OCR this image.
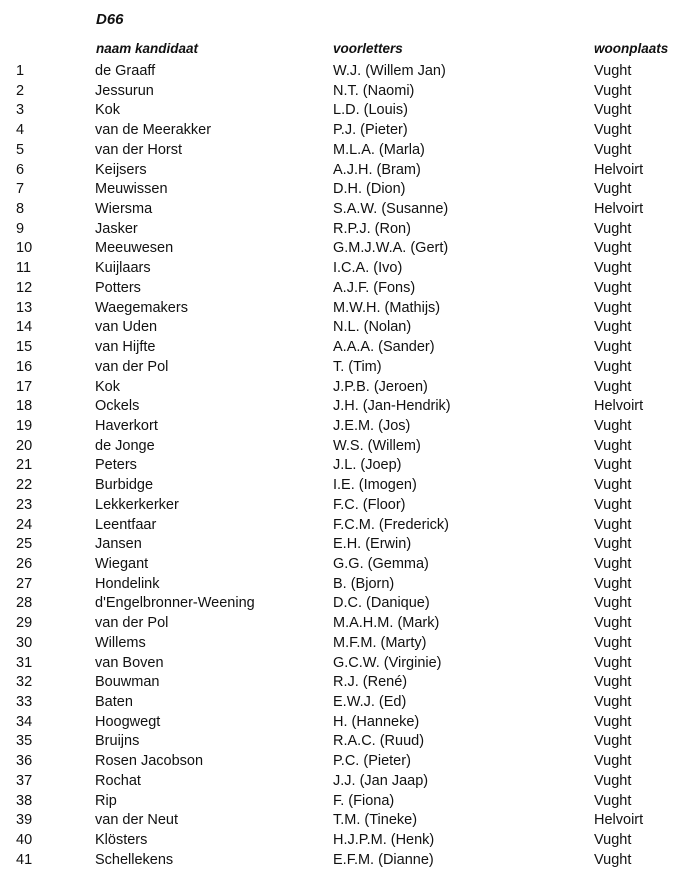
D66
naam kandidaat	voorletters	woonplaats
1	de Graaff	W.J. (Willem Jan)	Vught
2	Jessurun	N.T. (Naomi)	Vught
3	Kok	L.D. (Louis)	Vught
4	van de Meerakker	P.J. (Pieter)	Vught
5	van der Horst	M.L.A. (Marla)	Vught
6	Keijsers	A.J.H. (Bram)	Helvoirt
7	Meuwissen	D.H. (Dion)	Vught
8	Wiersma	S.A.W. (Susanne)	Helvoirt
9	Jasker	R.P.J. (Ron)	Vught
10	Meeuwesen	G.M.J.W.A. (Gert)	Vught
11	Kuijlaars	I.C.A. (Ivo)	Vught
12	Potters	A.J.F. (Fons)	Vught
13	Waegemakers	M.W.H. (Mathijs)	Vught
14	van Uden	N.L. (Nolan)	Vught
15	van Hijfte	A.A.A. (Sander)	Vught
16	van der Pol	T. (Tim)	Vught
17	Kok	J.P.B. (Jeroen)	Vught
18	Ockels	J.H. (Jan-Hendrik)	Helvoirt
19	Haverkort	J.E.M. (Jos)	Vught
20	de Jonge	W.S. (Willem)	Vught
21	Peters	J.L. (Joep)	Vught
22	Burbidge	I.E. (Imogen)	Vught
23	Lekkerkerker	F.C. (Floor)	Vught
24	Leentfaar	F.C.M. (Frederick)	Vught
25	Jansen	E.H. (Erwin)	Vught
26	Wiegant	G.G. (Gemma)	Vught
27	Hondelink	B. (Bjorn)	Vught
28	d'Engelbronner-Weening	D.C. (Danique)	Vught
29	van der Pol	M.A.H.M. (Mark)	Vught
30	Willems	M.F.M. (Marty)	Vught
31	van Boven	G.C.W. (Virginie)	Vught
32	Bouwman	R.J. (René)	Vught
33	Baten	E.W.J. (Ed)	Vught
34	Hoogwegt	H. (Hanneke)	Vught
35	Bruijns	R.A.C. (Ruud)	Vught
36	Rosen Jacobson	P.C. (Pieter)	Vught
37	Rochat	J.J. (Jan Jaap)	Vught
38	Rip	F. (Fiona)	Vught
39	van der Neut	T.M. (Tineke)	Helvoirt
40	Klösters	H.J.P.M. (Henk)	Vught
41	Schellekens	E.F.M. (Dianne)	Vught
